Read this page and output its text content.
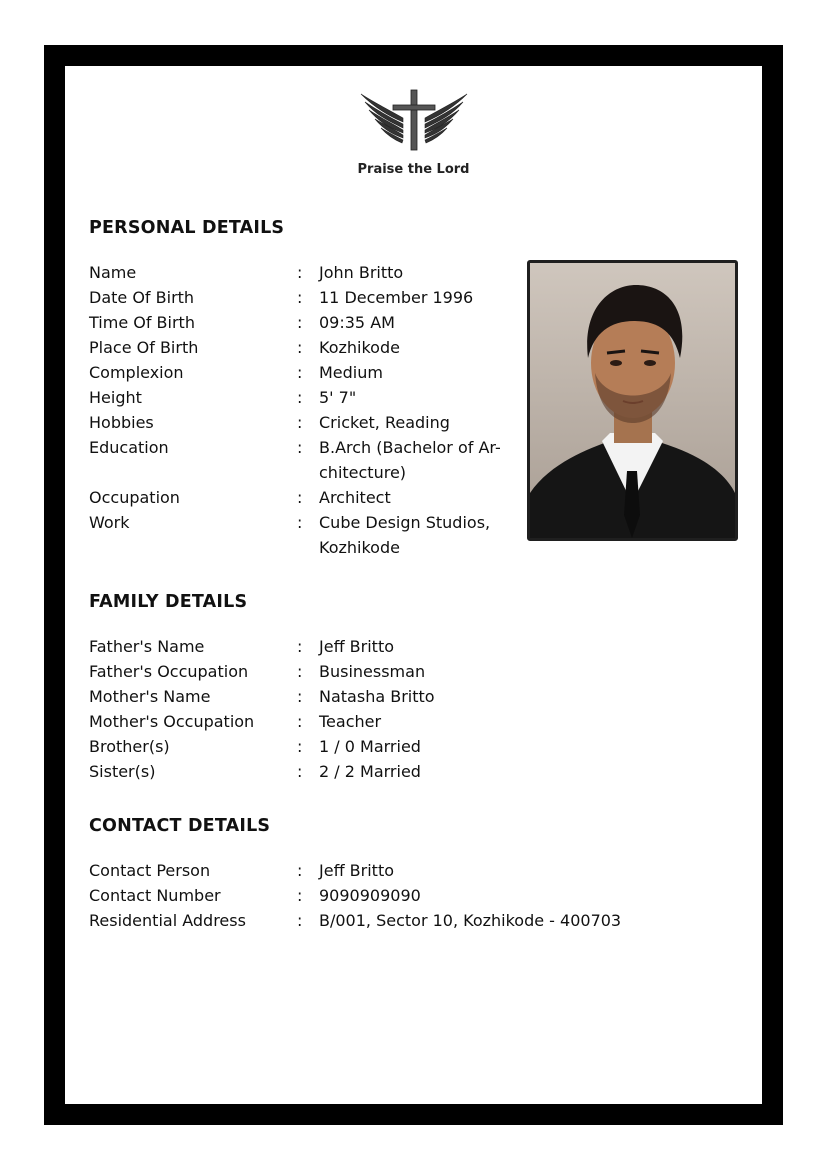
Praise the Lord
PERSONAL DETAILS
Name	: John Britto
Date Of Birth	: 11 December 1996
Time Of Birth	: 09:35 AM
Place Of Birth	: Kozhikode
Complexion	: Medium
Height	: 5' 7"
Hobbies	: Cricket, Reading
Education	: B.Arch (Bachelor of Ar-chitecture)
Occupation	: Architect
Work	: Cube Design Studios, Kozhikode
FAMILY DETAILS
Father's Name	: Jeff Britto
Father's Occupation	: Businessman
Mother's Name	: Natasha Britto
Mother's Occupation	: Teacher
Brother(s)	: 1 / 0 Married
Sister(s)	: 2 / 2 Married
CONTACT DETAILS
Contact Person	: Jeff Britto
Contact Number	: 9090909090
Residential Address	: B/001, Sector 10, Kozhikode - 400703
